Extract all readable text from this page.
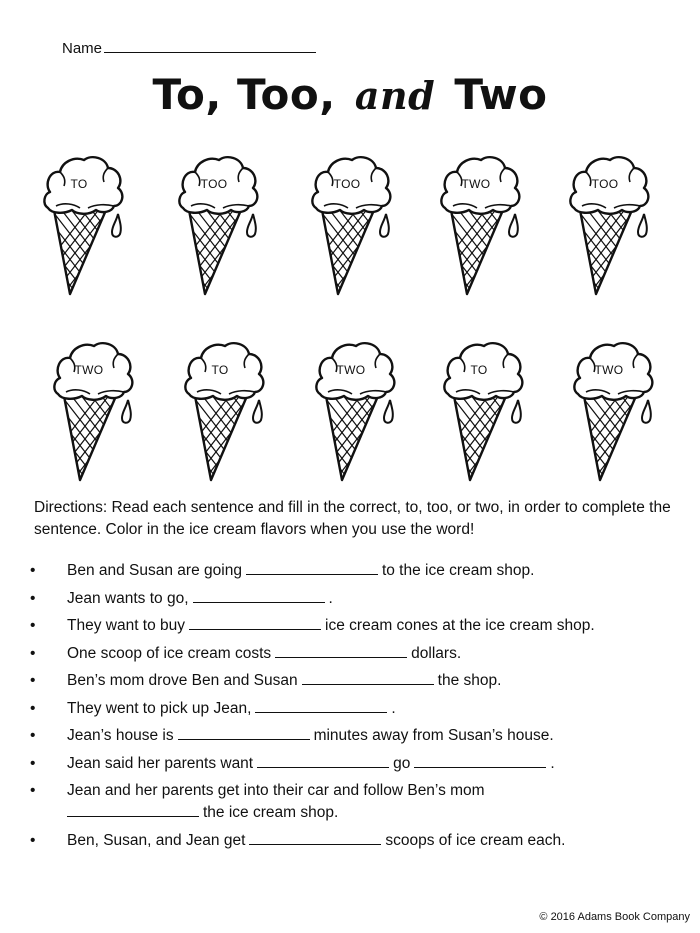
Name
To, Too, and Two
TO	TOO	TOO	TWO	TOO
TWO	TO	TWO	TO	TWO
Directions: Read each sentence and fill in the correct, to, too, or two, in order to complete the sentence. Color in the ice cream flavors when you use the word!
• Ben and Susan are going	to the ice cream shop.
• Jean wants to go,	.
• They want to buy	ice cream cones at the ice cream shop.
• One scoop of ice cream costs	dollars.
• Ben’s mom drove Ben and Susan	the shop.
• They went to pick up Jean,	.
• Jean’s house is	minutes away from Susan’s house.
• Jean said her parents want	go	.
• Jean and her parents get into their car and follow Ben’s mom
the ice cream shop.
• Ben, Susan, and Jean get	scoops of ice cream each.
© 2016 Adams Book Company
